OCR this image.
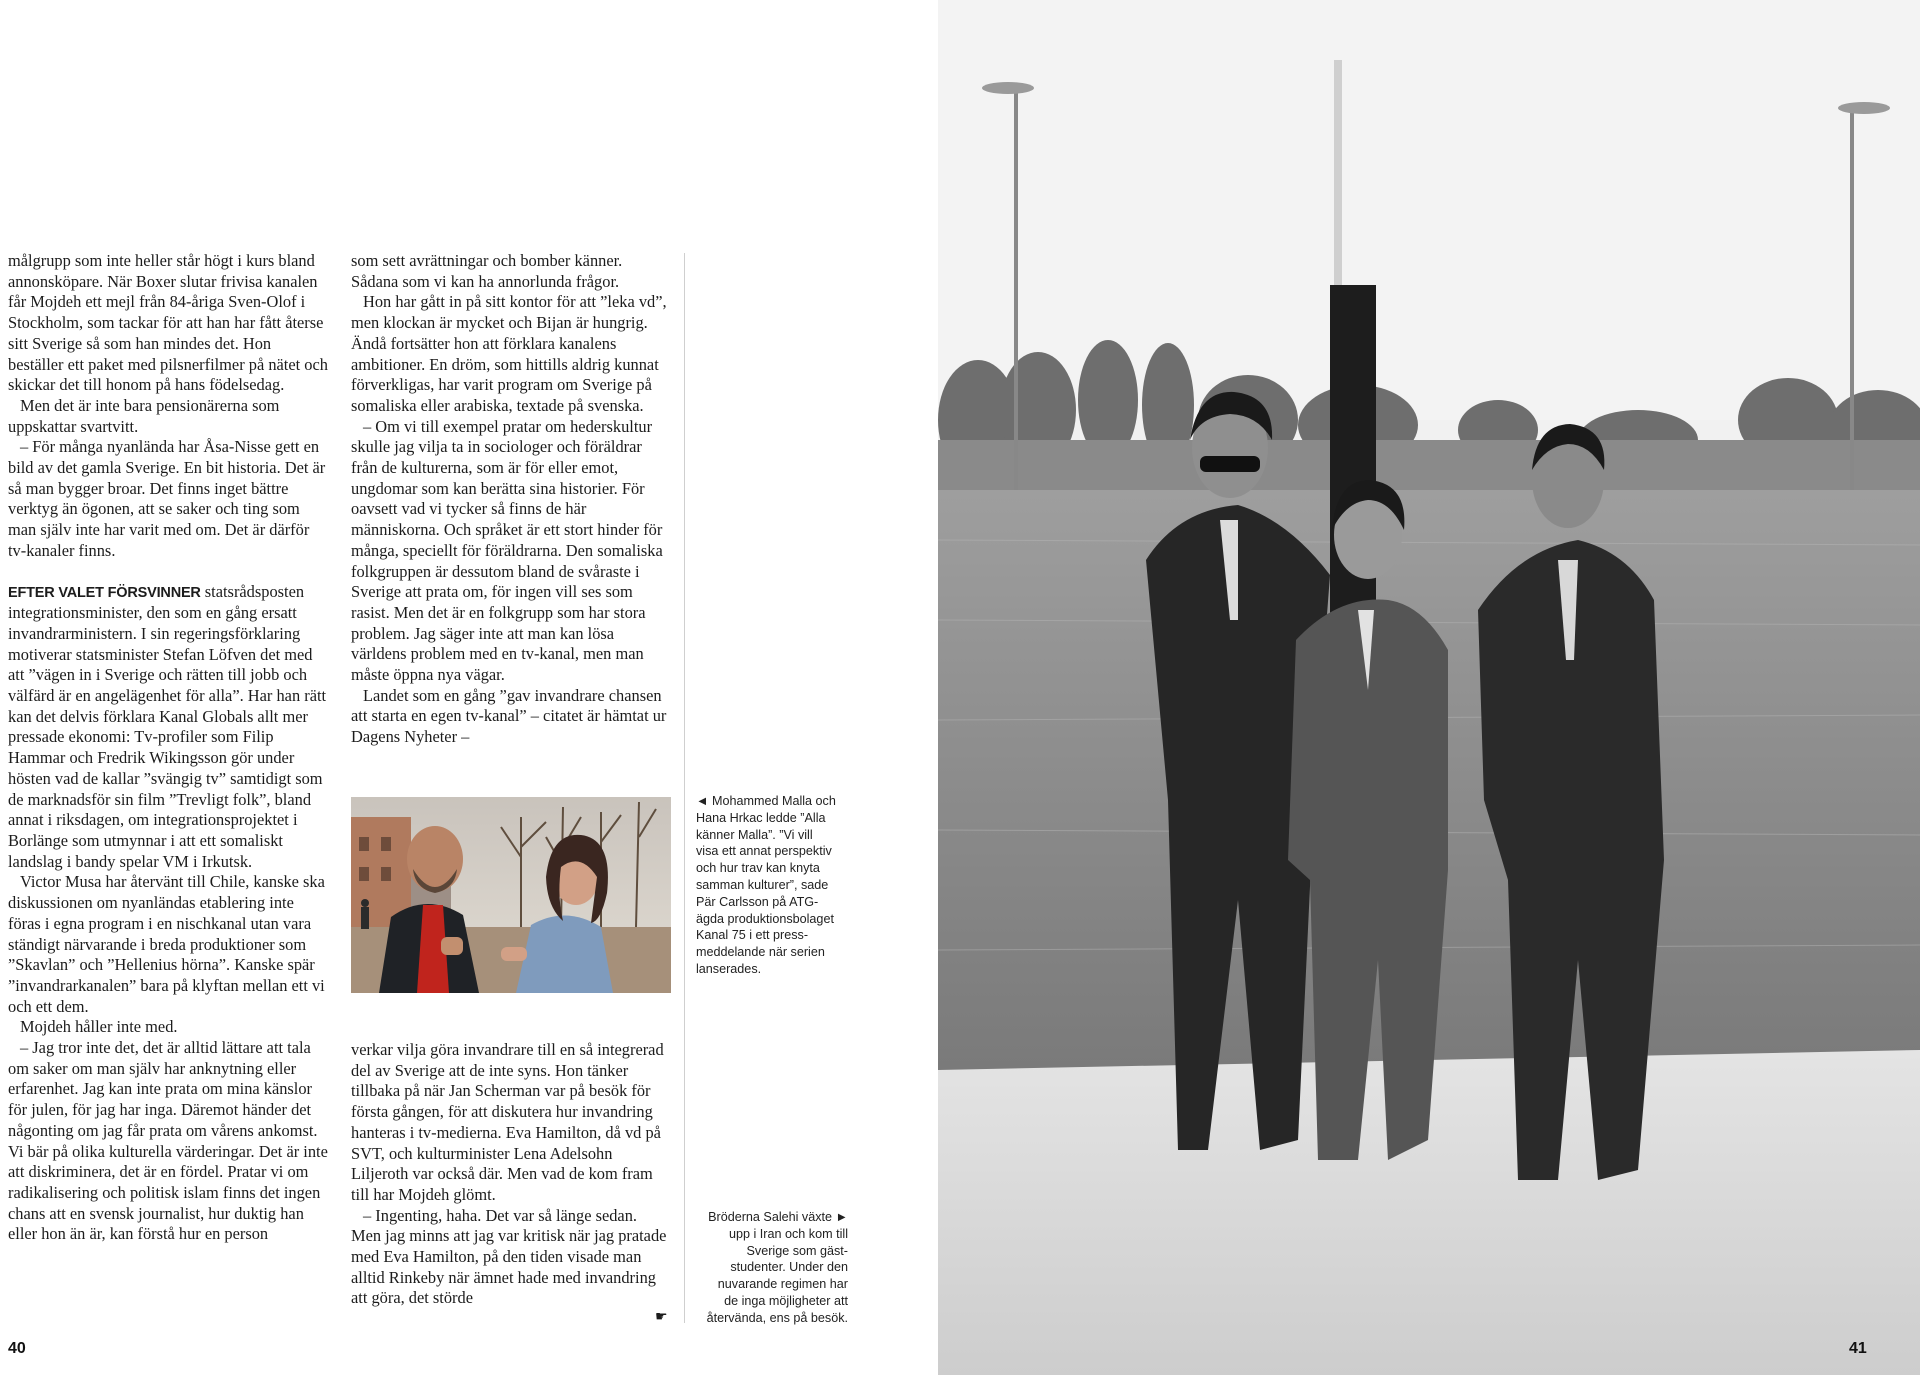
målgrupp som inte heller står högt i kurs bland annonsköpare. När Boxer slutar frivisa kanalen får Mojdeh ett mejl från 84-åriga Sven-Olof i Stockholm, som tackar för att han har fått återse sitt Sverige så som han mindes det. Hon beställer ett paket med pilsnerfilmer på nätet och skickar det till honom på hans födelsedag.

Men det är inte bara pensionärerna som uppskattar svartvitt.

– För många nyanlända har Åsa-Nisse gett en bild av det gamla Sverige. En bit historia. Det är så man bygger broar. Det finns inget bättre verktyg än ögonen, att se saker och ting som man själv inte har varit med om. Det är därför tv-kanaler finns.

EFTER VALET FÖRSVINNER statsrådsposten integrationsminister, den som en gång ersatt invandrarministern. I sin regeringsförklaring motiverar statsminister Stefan Löfven det med att ”vägen in i Sverige och rätten till jobb och välfärd är en angelägenhet för alla”. Har han rätt kan det delvis förklara Kanal Globals allt mer pressade ekonomi: Tv-profiler som Filip Hammar och Fredrik Wikingsson gör under hösten vad de kallar ”svängig tv” samtidigt som de marknadsför sin film ”Trevligt folk”, bland annat i riksdagen, om integrationsprojektet i Borlänge som utmynnar i att ett somaliskt landslag i bandy spelar VM i Irkutsk.

Victor Musa har återvänt till Chile, kanske ska diskussionen om nyanländas etablering inte föras i egna program i en nischkanal utan vara ständigt närvarande i breda produktioner som ”Skavlan” och ”Hellenius hörna”. Kanske spär ”invandrarkanalen” bara på klyftan mellan ett vi och ett dem.

Mojdeh håller inte med.

– Jag tror inte det, det är alltid lättare att tala om saker om man själv har anknytning eller erfarenhet. Jag kan inte prata om mina känslor för julen, för jag har inga. Däremot händer det någonting om jag får prata om vårens ankomst. Vi bär på olika kulturella värderingar. Det är inte att diskriminera, det är en fördel. Pratar vi om radikalisering och politisk islam finns det ingen chans att en svensk journalist, hur duktig han eller hon än är, kan förstå hur en person

som sett avrättningar och bomber känner. Sådana som vi kan ha annorlunda frågor.

Hon har gått in på sitt kontor för att ”leka vd”, men klockan är mycket och Bijan är hungrig. Ändå fortsätter hon att förklara kanalens ambitioner. En dröm, som hittills aldrig kunnat förverkligas, har varit program om Sverige på somaliska eller arabiska, textade på svenska.

– Om vi till exempel pratar om hederskultur skulle jag vilja ta in sociologer och föräldrar från de kulturerna, som är för eller emot, ungdomar som kan berätta sina historier. För oavsett vad vi tycker så finns de här människorna. Och språket är ett stort hinder för många, speciellt för föräldrarna. Den somaliska folkgruppen är dessutom bland de svåraste i Sverige att prata om, för ingen vill ses som rasist. Men det är en folkgrupp som har stora problem. Jag säger inte att man kan lösa världens problem med en tv-kanal, men man måste öppna nya vägar.

Landet som en gång ”gav invandrare chansen att starta en egen tv-kanal” – citatet är hämtat ur Dagens Nyheter –

verkar vilja göra invandrare till en så integrerad del av Sverige att de inte syns. Hon tänker tillbaka på när Jan Scherman var på besök för första gången, för att diskutera hur invandring hanteras i tv-medierna. Eva Hamilton, då vd på SVT, och kulturminister Lena Adelsohn Liljeroth var också där. Men vad de kom fram till har Mojdeh glömt.

– Ingenting, haha. Det var så länge sedan. Men jag minns att jag var kritisk när jag pratade med Eva Hamilton, på den tiden visade man alltid Rinkeby när ämnet hade med invandring att göra, det störde

☛
◄ Mohammed Malla och Hana Hrkac ledde ”Alla känner Malla”. ”Vi vill visa ett annat perspektiv och hur trav kan knyta samman kulturer”, sade Pär Carlsson på ATG-ägda produktionsbolaget Kanal 75 i ett pressmeddelande när serien lanserades.
Bröderna Salehi växte ► upp i Iran och kom till Sverige som gäststudenter. Under den nuvarande regimen har de inga möjligheter att återvända, ens på besök.
40	41
